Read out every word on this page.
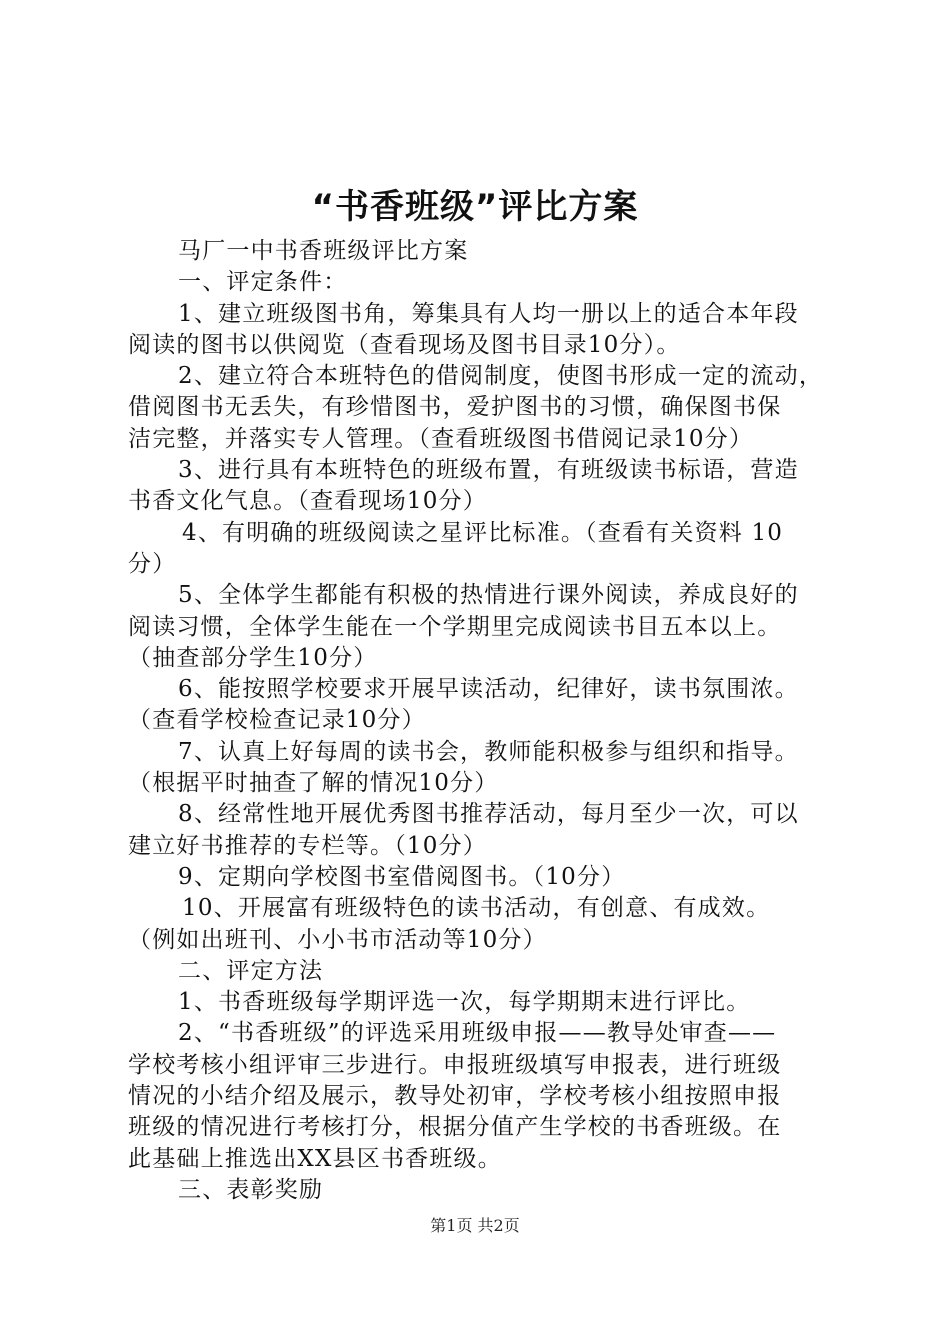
“书香班级”评比方案
马厂一中书香班级评比方案
一、评定条件：
1、建立班级图书角，筹集具有人均一册以上的适合本年段
阅读的图书以供阅览（查看现场及图书目录10分）。
2、建立符合本班特色的借阅制度，使图书形成一定的流动，
借阅图书无丢失，有珍惜图书，爱护图书的习惯，确保图书保
洁完整，并落实专人管理。（查看班级图书借阅记录10分）
3、进行具有本班特色的班级布置，有班级读书标语，营造
书香文化气息。（查看现场10分）
4、有明确的班级阅读之星评比标准。（查看有关资料 10
分）
5、全体学生都能有积极的热情进行课外阅读，养成良好的
阅读习惯，全体学生能在一个学期里完成阅读书目五本以上。
（抽查部分学生10分）
6、能按照学校要求开展早读活动，纪律好，读书氛围浓。
（查看学校检查记录10分）
7、认真上好每周的读书会，教师能积极参与组织和指导。
（根据平时抽查了解的情况10分）
8、经常性地开展优秀图书推荐活动，每月至少一次，可以
建立好书推荐的专栏等。（10分）
9、定期向学校图书室借阅图书。（10分）
10、开展富有班级特色的读书活动，有创意、有成效。
（例如出班刊、小小书市活动等10分）
二、评定方法
1、书香班级每学期评选一次，每学期期末进行评比。
2、“书香班级”的评选采用班级申报——教导处审查——
学校考核小组评审三步进行。申报班级填写申报表，进行班级
情况的小结介绍及展示，教导处初审，学校考核小组按照申报
班级的情况进行考核打分，根据分值产生学校的书香班级。在
此基础上推选出XX县区书香班级。
三、表彰奖励
第1页 共2页
